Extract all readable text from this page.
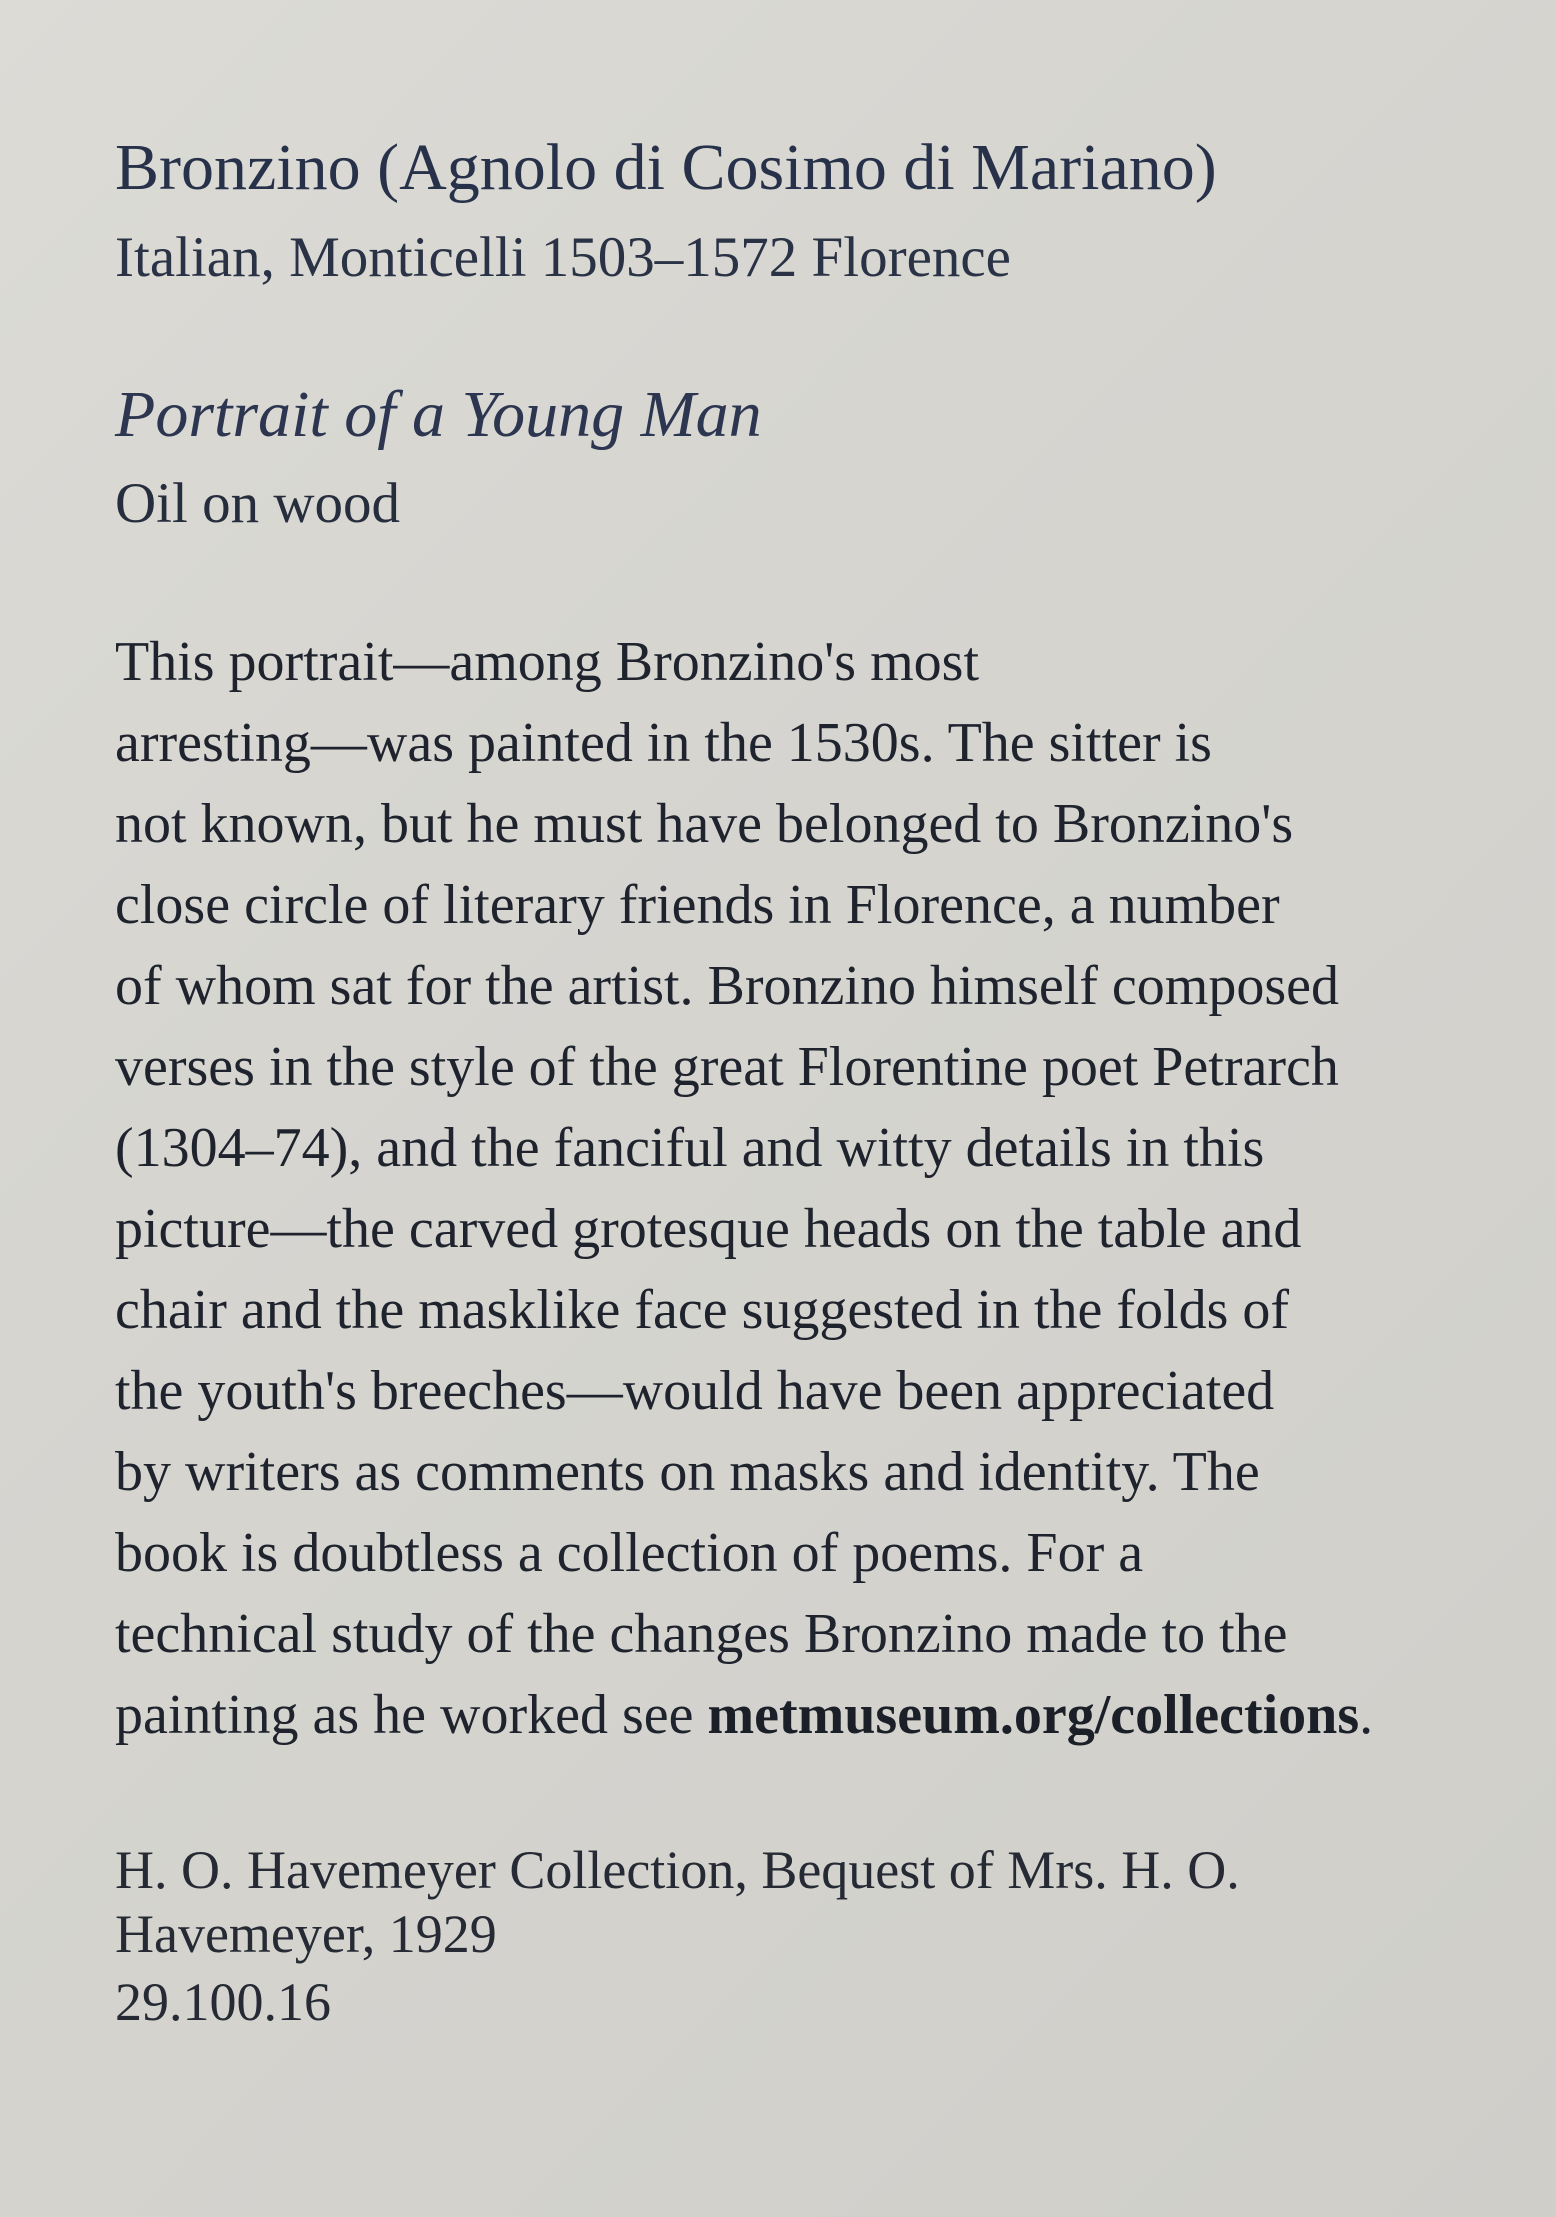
Bronzino (Agnolo di Cosimo di Mariano)
Italian, Monticelli 1503–1572 Florence
Portrait of a Young Man
Oil on wood

This portrait—among Bronzino's most
arresting—was painted in the 1530s. The sitter is
not known, but he must have belonged to Bronzino's
close circle of literary friends in Florence, a number
of whom sat for the artist. Bronzino himself composed
verses in the style of the great Florentine poet Petrarch
(1304–74), and the fanciful and witty details in this
picture—the carved grotesque heads on the table and
chair and the masklike face suggested in the folds of
the youth's breeches—would have been appreciated
by writers as comments on masks and identity. The
book is doubtless a collection of poems. For a
technical study of the changes Bronzino made to the
painting as he worked see metmuseum.org/collections.

H. O. Havemeyer Collection, Bequest of Mrs. H. O.
Havemeyer, 1929
29.100.16
